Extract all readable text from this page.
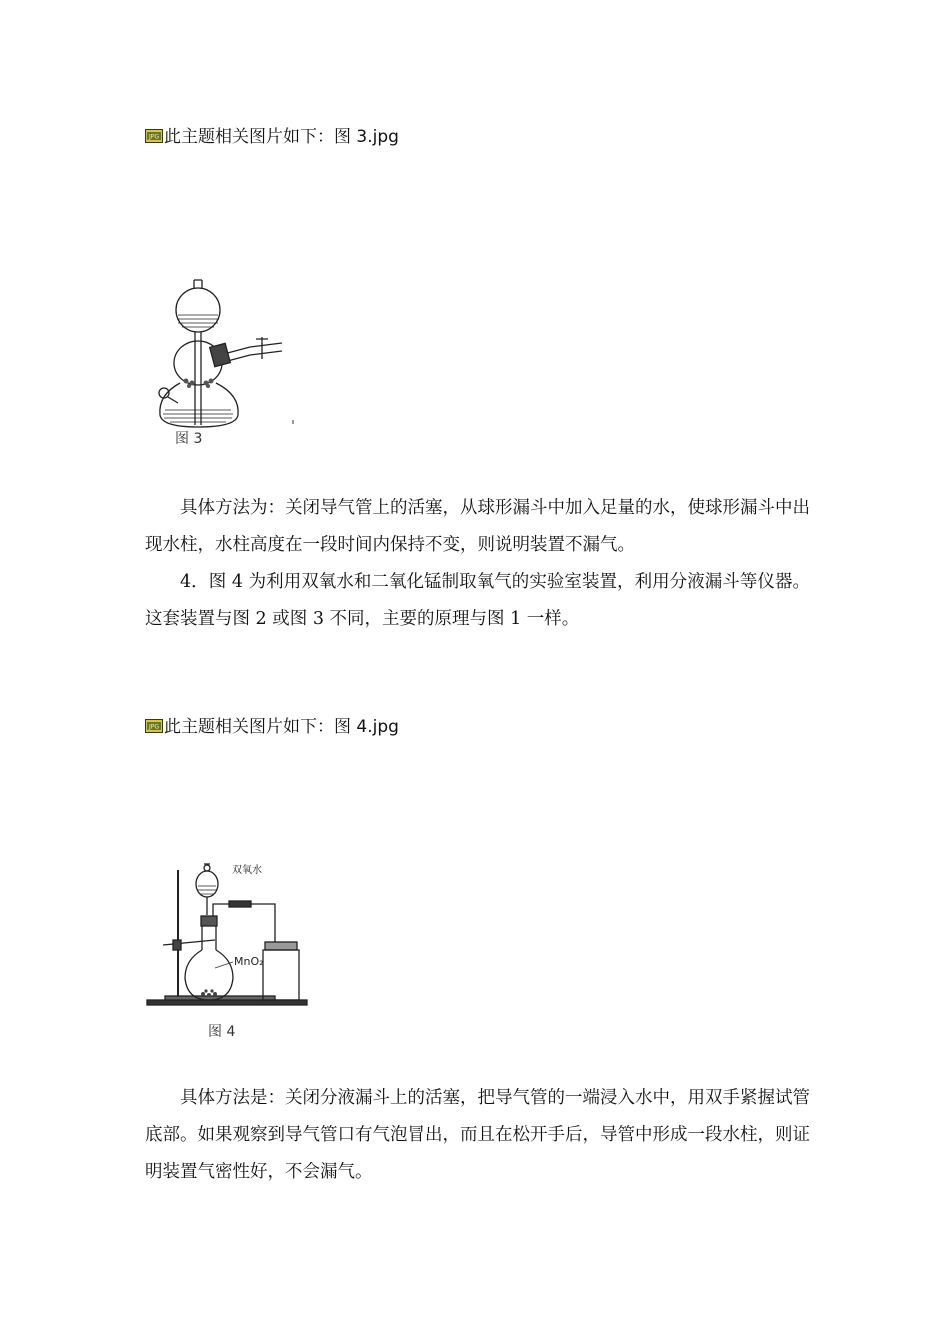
JPG 此主题相关图片如下：图 3.jpg
图 3

具体方法为：关闭导气管上的活塞，从球形漏斗中加入足量的水，使球形漏斗中出现水柱，水柱高度在一段时间内保持不变，则说明装置不漏气。

4．图 4 为利用双氧水和二氧化锰制取氧气的实验室装置，利用分液漏斗等仪器。这套装置与图 2 或图 3 不同，主要的原理与图 1 一样。

JPG 此主题相关图片如下：图 4.jpg
双氧水
MnO₂
图 4

具体方法是：关闭分液漏斗上的活塞，把导气管的一端浸入水中，用双手紧握试管底部。如果观察到导气管口有气泡冒出，而且在松开手后，导管中形成一段水柱，则证明装置气密性好，不会漏气。
